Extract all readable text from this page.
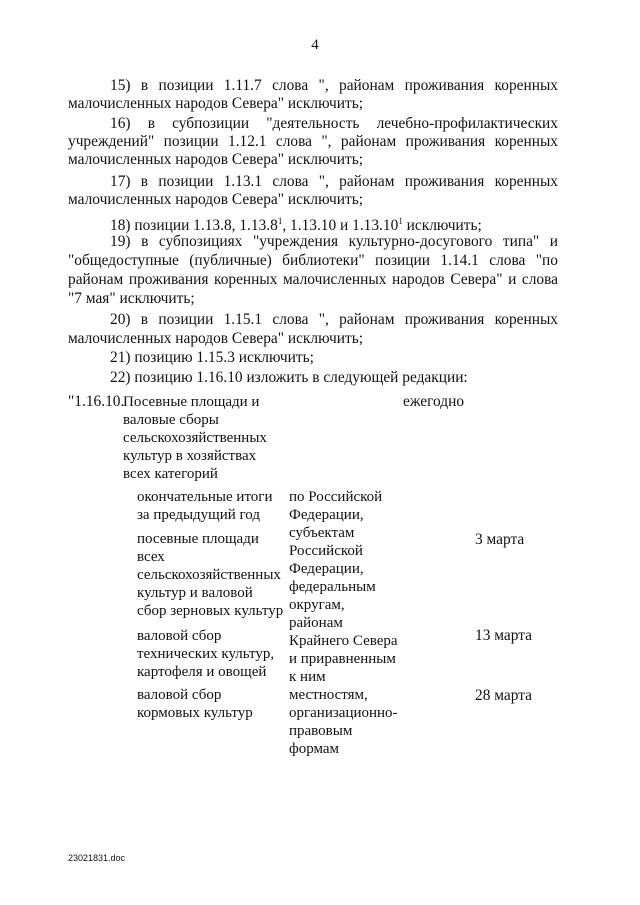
4
15) в позиции 1.11.7 слова ", районам проживания коренных
малочисленных народов Севера" исключить;
16) в субпозиции "деятельность лечебно-профилактических
учреждений" позиции 1.12.1 слова ", районам проживания коренных
малочисленных народов Севера" исключить;
17) в позиции 1.13.1 слова ", районам проживания коренных
малочисленных народов Севера" исключить;
18) позиции 1.13.8, 1.13.8$^1$, 1.13.10 и 1.13.10$^1$ исключить;
19) в субпозициях "учреждения культурно-досугового типа" и
"общедоступные (публичные) библиотеки" позиции 1.14.1 слова "по
районам проживания коренных малочисленных народов Севера" и слова
"7 мая" исключить;
20) в позиции 1.15.1 слова ", районам проживания коренных
малочисленных народов Севера" исключить;
21) позицию 1.15.3 исключить;
22) позицию 1.16.10 изложить в следующей редакции:
"1.16.10.
Посевные площади и
валовые сборы
сельскохозяйственных
культур в хозяйствах
всех категорий
ежегодно
окончательные итоги
за предыдущий год
посевные площади
всех
сельскохозяйственных
культур и валовой
сбор зерновых культур
3 марта
валовой сбор
технических культур,
картофеля и овощей
13 марта
валовой сбор
кормовых культур
28 марта
по Российской
Федерации,
субъектам
Российской
Федерации,
федеральным
округам,
районам
Крайнего Севера
и приравненным
к ним
местностям,
организационно-
правовым
формам
23021831.doc
